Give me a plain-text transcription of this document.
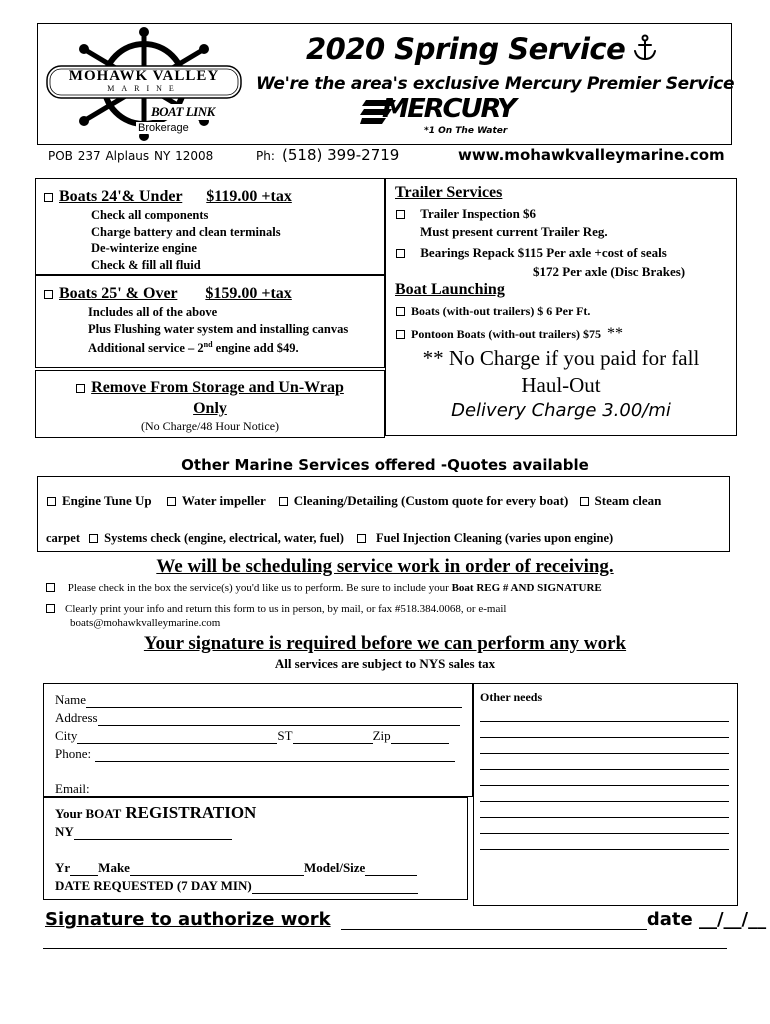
MOHAWK VALLEY
MARINE
BOAT LINK
Brokerage
2020 Spring Service
We're the area's exclusive Mercury Premier Service
MERCURY
*1 On The Water
POB 237 Alplaus NY 12008	Ph: (518) 399-2719	www.mohawkvalleymarine.com
Boats 24'& Under $119.00 +tax
Check all components
Charge battery and clean terminals
De-winterize engine
Check & fill all fluid
Boats 25' & Over $159.00 +tax
Includes all of the above
Plus Flushing water system and installing canvas
Additional service – 2nd engine add $49.
Remove From Storage and Un-Wrap
Only
(No Charge/48 Hour Notice)
Trailer Services
Trailer Inspection $6
Must present current Trailer Reg.
Bearings Repack $115 Per axle +cost of seals
$172 Per axle (Disc Brakes)
Boat Launching
Boats (with-out trailers) $ 6 Per Ft.
Pontoon Boats (with-out trailers) $75 **
** No Charge if you paid for fall
Haul-Out
Delivery Charge 3.00/mi
Other Marine Services offered -Quotes available
Engine Tune Up Water impeller Cleaning/Detailing (Custom quote for every boat) Steam clean
carpet Systems check (engine, electrical, water, fuel)	Fuel Injection Cleaning (varies upon engine)
We will be scheduling service work in order of receiving.
Please check in the box the service(s) you'd like us to perform. Be sure to include your Boat REG # AND SIGNATURE
Clearly print your info and return this form to us in person, by mail, or fax #518.384.0068, or e-mail
boats@mohawkvalleymarine.com
Your signature is required before we can perform any work
All services are subject to NYS sales tax
Name
Address
City	ST	Zip
Phone:
Email:
Your BOAT REGISTRATION
NY
Yr Make	Model/Size
DATE REQUESTED (7 DAY MIN)
Other needs
Signature to authorize work	date __/__/__
